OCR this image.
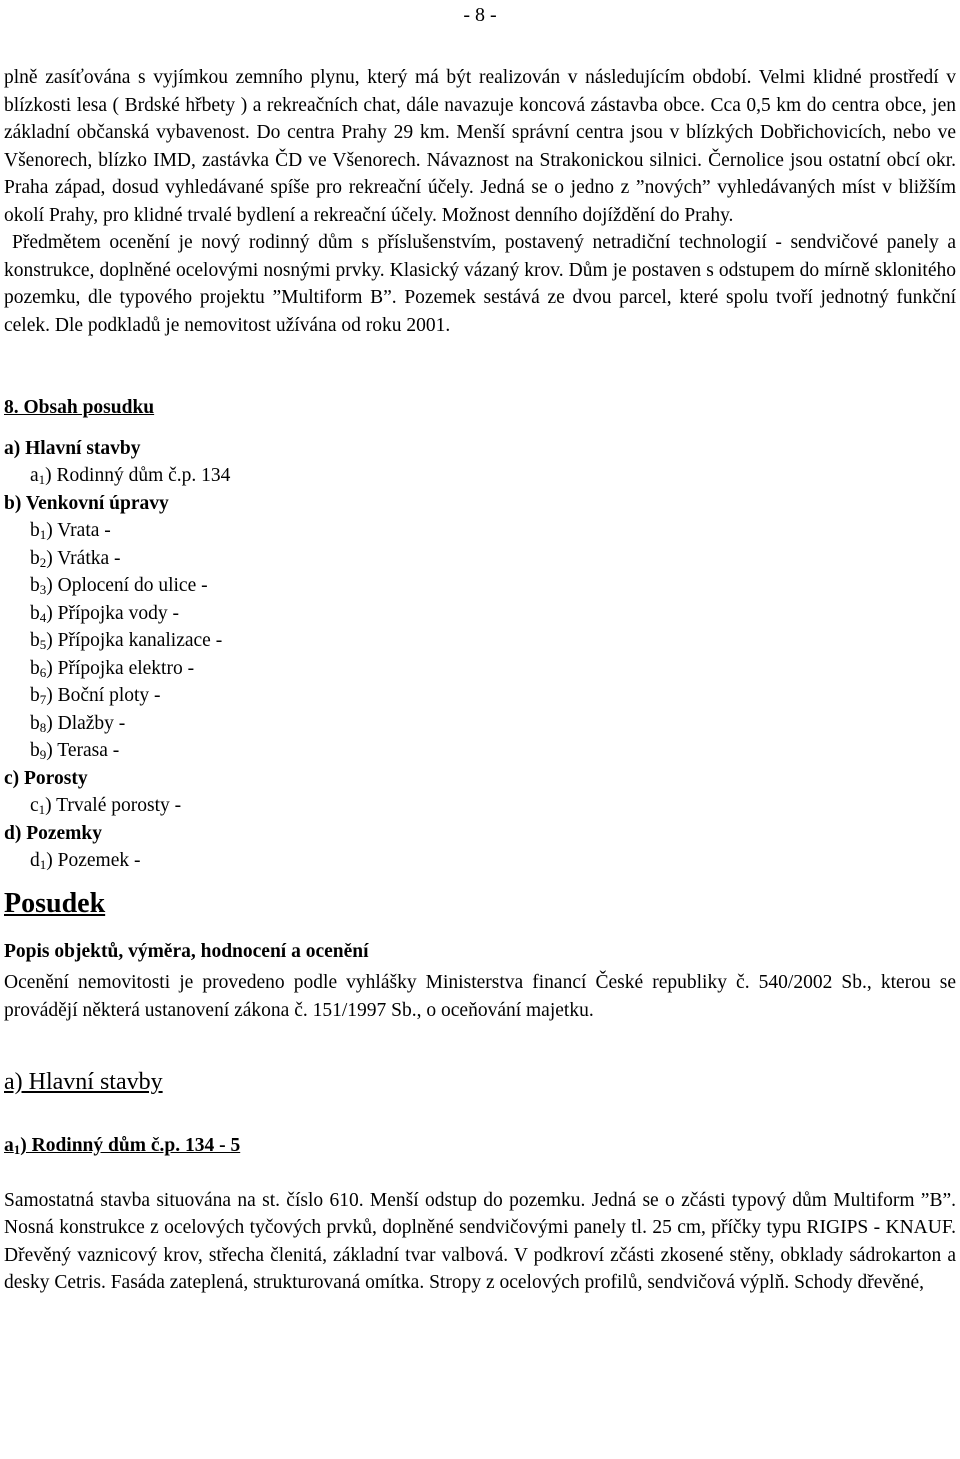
- 8 -

plně zasíťována s vyjímkou zemního plynu, který má být realizován v následujícím období. Velmi klidné prostředí v blízkosti lesa ( Brdské hřbety ) a rekreačních chat, dále navazuje koncová zástavba obce. Cca 0,5 km do centra obce, jen základní občanská vybavenost. Do centra Prahy 29 km. Menší správní centra jsou v blízkých Dobřichovicích, nebo ve Všenorech, blízko IMD, zastávka ČD ve Všenorech. Návaznost na Strakonickou silnici. Černolice jsou ostatní obcí okr. Praha západ, dosud vyhledávané spíše pro rekreační účely. Jedná se o jedno z ”nových” vyhledávaných míst v bližším okolí Prahy, pro klidné trvalé bydlení a rekreační účely. Možnost denního dojíždění do Prahy.

Předmětem ocenění je nový rodinný dům s příslušenstvím, postavený netradiční technologií - sendvičové panely a konstrukce, doplněné ocelovými nosnými prvky. Klasický vázaný krov. Dům je postaven s odstupem do mírně sklonitého pozemku, dle typového projektu ”Multiform B”. Pozemek sestává ze dvou parcel, které spolu tvoří jednotný funkční celek. Dle podkladů je nemovitost užívána od roku 2001.

8. Obsah posudku
a) Hlavní stavby
$a_1$) Rodinný dům č.p. 134
b) Venkovní úpravy
$b_1$) Vrata -
$b_2$) Vrátka -
$b_3$) Oplocení do ulice -
$b_4$) Přípojka vody -
$b_5$) Přípojka kanalizace -
$b_6$) Přípojka elektro -
$b_7$) Boční ploty -
$b_8$) Dlažby -
$b_9$) Terasa -
c) Porosty
$c_1$) Trvalé porosty -
d) Pozemky
$d_1$) Pozemek -
Posudek
Popis objektů, výměra, hodnocení a ocenění

Ocenění nemovitosti je provedeno podle vyhlášky Ministerstva financí České republiky č. 540/2002 Sb., kterou se provádějí některá ustanovení zákona č. 151/1997 Sb., o oceňování majetku.

a) Hlavní stavby
$a_1$) Rodinný dům č.p. 134 - 5

Samostatná stavba situována na st. číslo 610. Menší odstup do pozemku. Jedná se o zčásti typový dům Multiform ”B”. Nosná konstrukce z ocelových tyčových prvků, doplněné sendvičovými panely tl. 25 cm, příčky typu RIGIPS - KNAUF. Dřevěný vaznicový krov, střecha členitá, základní tvar valbová. V podkroví zčásti zkosené stěny, obklady sádrokarton a desky Cetris. Fasáda zateplená, strukturovaná omítka. Stropy z ocelových profilů, sendvičová výplň. Schody dřevěné,
